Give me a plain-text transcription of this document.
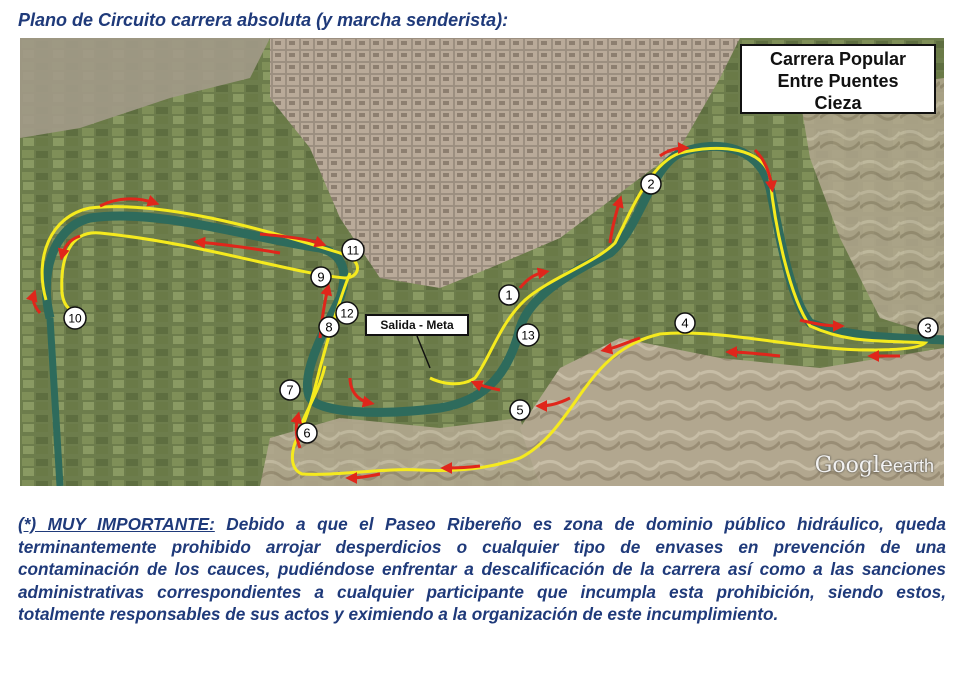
Plano de Circuito carrera absoluta (y marcha senderista):
1
2
3
4
5
6
7
8
9
10
11
12
13
Carrera Popular
Entre Puentes
Cieza
Salida - Meta
Googleearth

(*) MUY IMPORTANTE: Debido a que el Paseo Ribereño es zona de dominio público hidráulico, queda terminantemente prohibido arrojar desperdicios o cualquier tipo de envases en prevención de una contaminación de los cauces, pudiéndose enfrentar a descalificación de la carrera así como a las sanciones administrativas correspondientes a cualquier participante que incumpla esta prohibición, siendo estos, totalmente responsables de sus actos y eximiendo a la organización de este incumplimiento.
